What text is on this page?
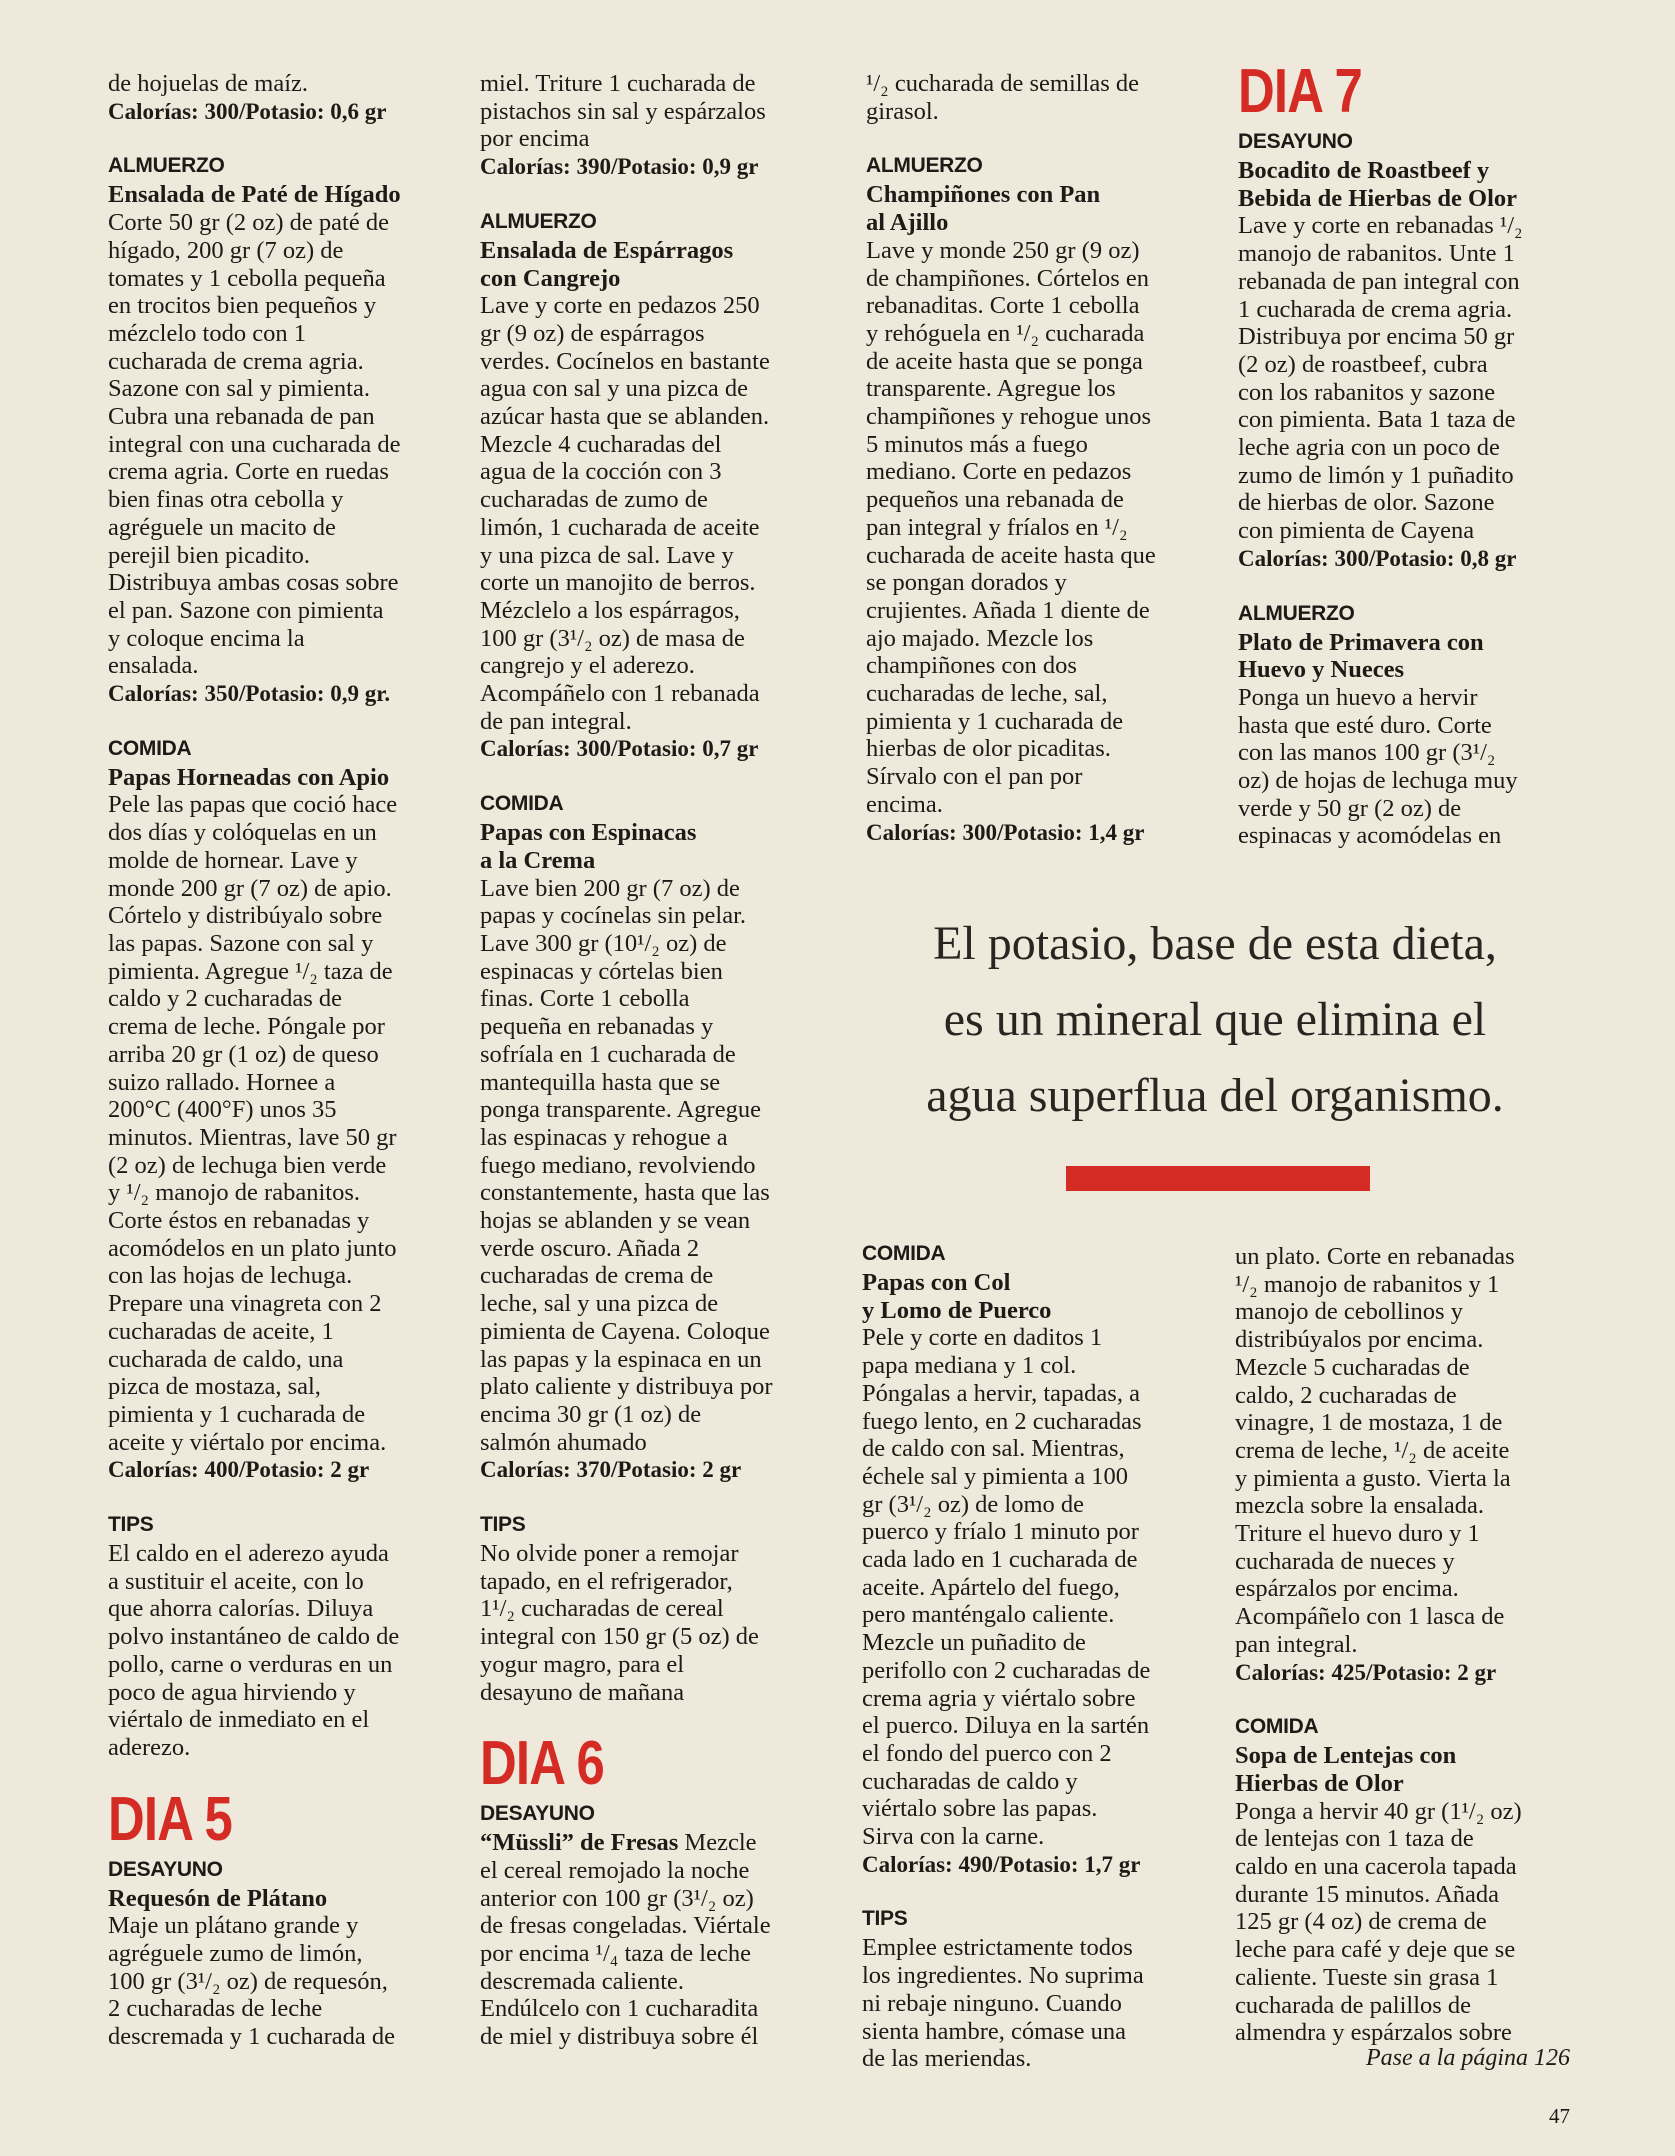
de hojuelas de maíz.

Calorías: 300/Potasio: 0,6 gr
ALMUERZO
Ensalada de Paté de Hígado

Corte 50 gr (2 oz) de paté de
hígado, 200 gr (7 oz) de
tomates y 1 cebolla pequeña
en trocitos bien pequeños y
mézclelo todo con 1
cucharada de crema agria.
Sazone con sal y pimienta.
Cubra una rebanada de pan
integral con una cucharada de
crema agria. Corte en ruedas
bien finas otra cebolla y
agréguele un macito de
perejil bien picadito.
Distribuya ambas cosas sobre
el pan. Sazone con pimienta
y coloque encima la
ensalada.

Calorías: 350/Potasio: 0,9 gr.
COMIDA
Papas Horneadas con Apio

Pele las papas que coció hace
dos días y colóquelas en un
molde de hornear. Lave y
monde 200 gr (7 oz) de apio.
Córtelo y distribúyalo sobre
las papas. Sazone con sal y
pimienta. Agregue ¹/₂ taza de
caldo y 2 cucharadas de
crema de leche. Póngale por
arriba 20 gr (1 oz) de queso
suizo rallado. Hornee a
200°C (400°F) unos 35
minutos. Mientras, lave 50 gr
(2 oz) de lechuga bien verde
y ¹/₂ manojo de rabanitos.
Corte éstos en rebanadas y
acomódelos en un plato junto
con las hojas de lechuga.
Prepare una vinagreta con 2
cucharadas de aceite, 1
cucharada de caldo, una
pizca de mostaza, sal,
pimienta y 1 cucharada de
aceite y viértalo por encima.

Calorías: 400/Potasio: 2 gr
TIPS

El caldo en el aderezo ayuda
a sustituir el aceite, con lo
que ahorra calorías. Diluya
polvo instantáneo de caldo de
pollo, carne o verduras en un
poco de agua hirviendo y
viértalo de inmediato en el
aderezo.

DIA 5
DESAYUNO
Requesón de Plátano

Maje un plátano grande y
agréguele zumo de limón,
100 gr (3¹/₂ oz) de requesón,
2 cucharadas de leche
descremada y 1 cucharada de

miel. Triture 1 cucharada de
pistachos sin sal y espárzalos
por encima

Calorías: 390/Potasio: 0,9 gr
ALMUERZO
Ensalada de Espárragos
con Cangrejo

Lave y corte en pedazos 250
gr (9 oz) de espárragos
verdes. Cocínelos en bastante
agua con sal y una pizca de
azúcar hasta que se ablanden.
Mezcle 4 cucharadas del
agua de la cocción con 3
cucharadas de zumo de
limón, 1 cucharada de aceite
y una pizca de sal. Lave y
corte un manojito de berros.
Mézclelo a los espárragos,
100 gr (3¹/₂ oz) de masa de
cangrejo y el aderezo.
Acompáñelo con 1 rebanada
de pan integral.

Calorías: 300/Potasio: 0,7 gr
COMIDA
Papas con Espinacas
a la Crema

Lave bien 200 gr (7 oz) de
papas y cocínelas sin pelar.
Lave 300 gr (10¹/₂ oz) de
espinacas y córtelas bien
finas. Corte 1 cebolla
pequeña en rebanadas y
sofríala en 1 cucharada de
mantequilla hasta que se
ponga transparente. Agregue
las espinacas y rehogue a
fuego mediano, revolviendo
constantemente, hasta que las
hojas se ablanden y se vean
verde oscuro. Añada 2
cucharadas de crema de
leche, sal y una pizca de
pimienta de Cayena. Coloque
las papas y la espinaca en un
plato caliente y distribuya por
encima 30 gr (1 oz) de
salmón ahumado

Calorías: 370/Potasio: 2 gr
TIPS

No olvide poner a remojar
tapado, en el refrigerador,
1¹/₂ cucharadas de cereal
integral con 150 gr (5 oz) de
yogur magro, para el
desayuno de mañana

DIA 6
DESAYUNO

“Müssli” de Fresas Mezcle
el cereal remojado la noche
anterior con 100 gr (3¹/₂ oz)
de fresas congeladas. Viértale
por encima ¹/₄ taza de leche
descremada caliente.
Endúlcelo con 1 cucharadita
de miel y distribuya sobre él

¹/₂ cucharada de semillas de
girasol.

ALMUERZO
Champiñones con Pan
al Ajillo

Lave y monde 250 gr (9 oz)
de champiñones. Córtelos en
rebanaditas. Corte 1 cebolla
y rehóguela en ¹/₂ cucharada
de aceite hasta que se ponga
transparente. Agregue los
champiñones y rehogue unos
5 minutos más a fuego
mediano. Corte en pedazos
pequeños una rebanada de
pan integral y fríalos en ¹/₂
cucharada de aceite hasta que
se pongan dorados y
crujientes. Añada 1 diente de
ajo majado. Mezcle los
champiñones con dos
cucharadas de leche, sal,
pimienta y 1 cucharada de
hierbas de olor picaditas.
Sírvalo con el pan por
encima.

Calorías: 300/Potasio: 1,4 gr
DIA 7
DESAYUNO
Bocadito de Roastbeef y
Bebida de Hierbas de Olor

Lave y corte en rebanadas ¹/₂
manojo de rabanitos. Unte 1
rebanada de pan integral con
1 cucharada de crema agria.
Distribuya por encima 50 gr
(2 oz) de roastbeef, cubra
con los rabanitos y sazone
con pimienta. Bata 1 taza de
leche agria con un poco de
zumo de limón y 1 puñadito
de hierbas de olor. Sazone
con pimienta de Cayena

Calorías: 300/Potasio: 0,8 gr
ALMUERZO
Plato de Primavera con
Huevo y Nueces

Ponga un huevo a hervir
hasta que esté duro. Corte
con las manos 100 gr (3¹/₂
oz) de hojas de lechuga muy
verde y 50 gr (2 oz) de
espinacas y acomódelas en

El potasio, base de esta dieta,
es un mineral que elimina el
agua superflua del organismo.
COMIDA
Papas con Col
y Lomo de Puerco

Pele y corte en daditos 1
papa mediana y 1 col.
Póngalas a hervir, tapadas, a
fuego lento, en 2 cucharadas
de caldo con sal. Mientras,
échele sal y pimienta a 100
gr (3¹/₂ oz) de lomo de
puerco y fríalo 1 minuto por
cada lado en 1 cucharada de
aceite. Apártelo del fuego,
pero manténgalo caliente.
Mezcle un puñadito de
perifollo con 2 cucharadas de
crema agria y viértalo sobre
el puerco. Diluya en la sartén
el fondo del puerco con 2
cucharadas de caldo y
viértalo sobre las papas.
Sirva con la carne.

Calorías: 490/Potasio: 1,7 gr
TIPS

Emplee estrictamente todos
los ingredientes. No suprima
ni rebaje ninguno. Cuando
sienta hambre, cómase una
de las meriendas.

un plato. Corte en rebanadas
¹/₂ manojo de rabanitos y 1
manojo de cebollinos y
distribúyalos por encima.
Mezcle 5 cucharadas de
caldo, 2 cucharadas de
vinagre, 1 de mostaza, 1 de
crema de leche, ¹/₂ de aceite
y pimienta a gusto. Vierta la
mezcla sobre la ensalada.
Triture el huevo duro y 1
cucharada de nueces y
espárzalos por encima.
Acompáñelo con 1 lasca de
pan integral.

Calorías: 425/Potasio: 2 gr
COMIDA
Sopa de Lentejas con
Hierbas de Olor

Ponga a hervir 40 gr (1¹/₂ oz)
de lentejas con 1 taza de
caldo en una cacerola tapada
durante 15 minutos. Añada
125 gr (4 oz) de crema de
leche para café y deje que se
caliente. Tueste sin grasa 1
cucharada de palillos de
almendra y espárzalos sobre

Pase a la página 126
47
